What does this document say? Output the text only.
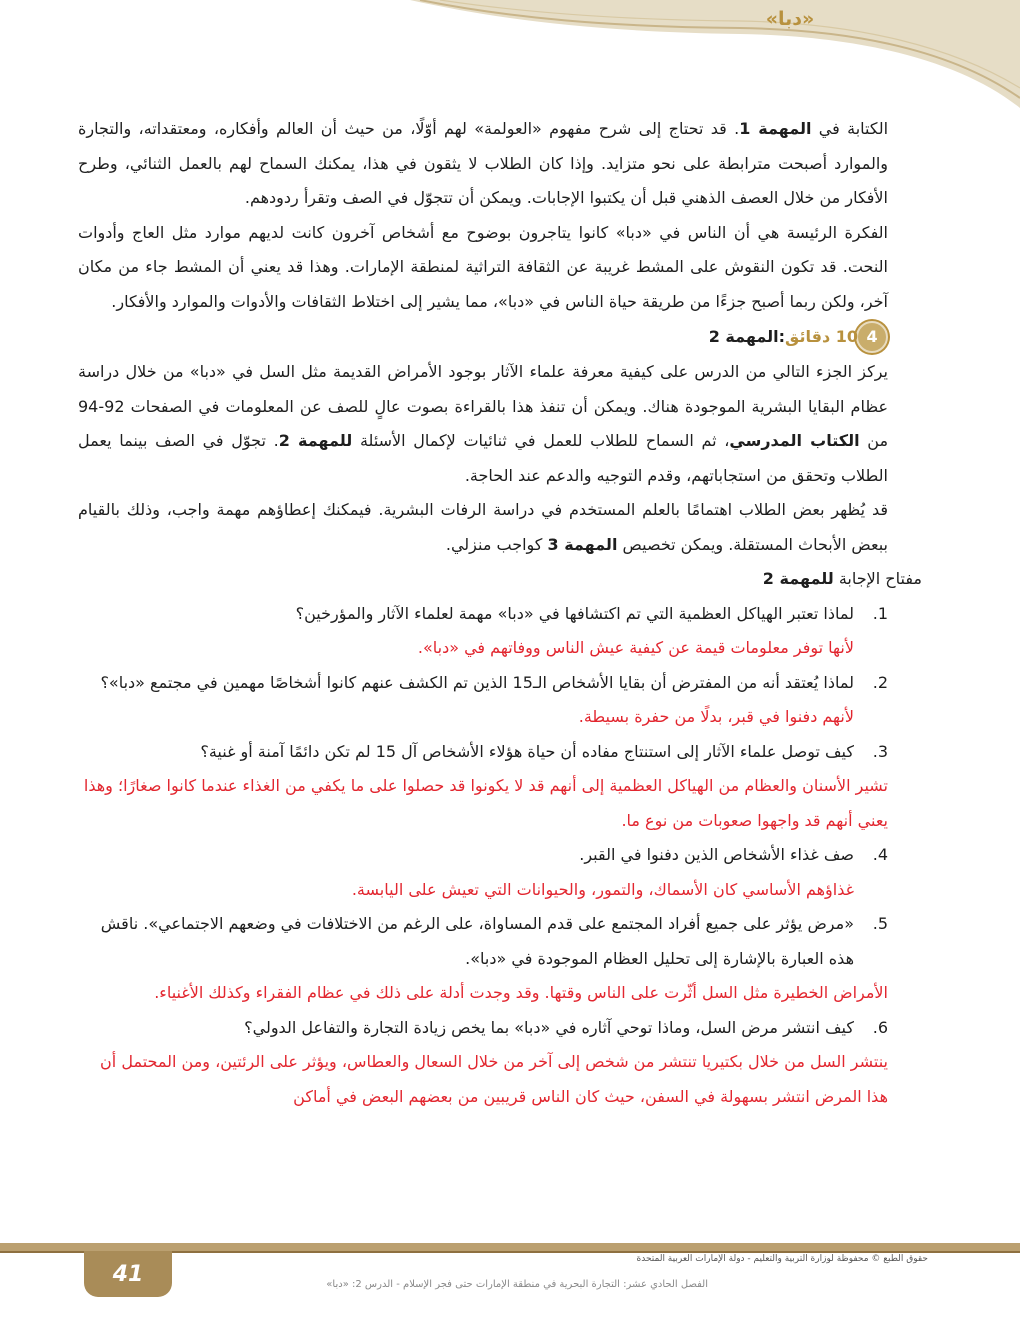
«دبا»

الكتابة في المهمة 1. قد تحتاج إلى شرح مفهوم «العولمة» لهم أوّلًا، من حيث أن العالم وأفكاره، ومعتقداته، والتجارة والموارد أصبحت مترابطة على نحو متزايد. وإذا كان الطلاب لا يثقون في هذا، يمكنك السماح لهم بالعمل الثنائي، وطرح الأفكار من خلال العصف الذهني قبل أن يكتبوا الإجابات. ويمكن أن تتجوّل في الصف وتقرأ ردودهم.

الفكرة الرئيسة هي أن الناس في «دبا» كانوا يتاجرون بوضوح مع أشخاص آخرون كانت لديهم موارد مثل العاج وأدوات النحت. قد تكون النقوش على المشط غريبة عن الثقافة التراثية لمنطقة الإمارات. وهذا قد يعني أن المشط جاء من مكان آخر، ولكن ربما أصبح جزءًا من طريقة حياة الناس في «دبا»، مما يشير إلى اختلاط الثقافات والأدوات والموارد والأفكار.

4
10 دقائق
:
المهمة 2

يركز الجزء التالي من الدرس على كيفية معرفة علماء الآثار بوجود الأمراض القديمة مثل السل في «دبا» من خلال دراسة عظام البقايا البشرية الموجودة هناك. ويمكن أن تنفذ هذا بالقراءة بصوت عالٍ للصف عن المعلومات في الصفحات 92-94 من الكتاب المدرسي، ثم السماح للطلاب للعمل في ثنائيات لإكمال الأسئلة للمهمة 2. تجوّل في الصف بينما يعمل الطلاب وتحقق من استجاباتهم، وقدم التوجيه والدعم عند الحاجة.

قد يُظهر بعض الطلاب اهتمامًا بالعلم المستخدم في دراسة الرفات البشرية. فيمكنك إعطاؤهم مهمة واجب، وذلك بالقيام ببعض الأبحاث المستقلة. ويمكن تخصيص المهمة 3 كواجب منزلي.

مفتاح الإجابة للمهمة 2
1.
لماذا تعتبر الهياكل العظمية التي تم اكتشافها في «دبا» مهمة لعلماء الآثار والمؤرخين؟
لأنها توفر معلومات قيمة عن كيفية عيش الناس ووفاتهم في «دبا».
2.
لماذا يُعتقد أنه من المفترض أن بقايا الأشخاص الـ15 الذين تم الكشف عنهم كانوا أشخاصًا مهمين في مجتمع «دبا»؟
لأنهم دفنوا في قبر، بدلًا من حفرة بسيطة.
3.
كيف توصل علماء الآثار إلى استنتاج مفاده أن حياة هؤلاء الأشخاص آل 15 لم تكن دائمًا آمنة أو غنية؟
تشير الأسنان والعظام من الهياكل العظمية إلى أنهم قد لا يكونوا قد حصلوا على ما يكفي من الغذاء عندما كانوا صغارًا؛ وهذا يعني أنهم قد واجهوا صعوبات من نوع ما.
4.
صف غذاء الأشخاص الذين دفنوا في القبر.
غذاؤهم الأساسي كان الأسماك، والتمور، والحيوانات التي تعيش على اليابسة.
5.
«مرض يؤثر على جميع أفراد المجتمع على قدم المساواة، على الرغم من الاختلافات في وضعهم الاجتماعي». ناقش هذه العبارة بالإشارة إلى تحليل العظام الموجودة في «دبا».
الأمراض الخطيرة مثل السل أثّرت على الناس وقتها. وقد وجدت أدلة على ذلك في عظام الفقراء وكذلك الأغنياء.
6.
كيف انتشر مرض السل، وماذا توحي آثاره في «دبا» بما يخص زيادة التجارة والتفاعل الدولي؟
ينتشر السل من خلال بكتيريا تنتشر من شخص إلى آخر من خلال السعال والعطاس، ويؤثر على الرئتين، ومن المحتمل أن هذا المرض انتشر بسهولة في السفن، حيث كان الناس قريبين من بعضهم البعض في أماكن
41
حقوق الطبع © محفوظة لوزارة التربية والتعليم - دولة الإمارات العربية المتحدة
الفصل الحادي عشر: التجارة البحرية في منطقة الإمارات حتى فجر الإسلام - الدرس 2: «دبا»
